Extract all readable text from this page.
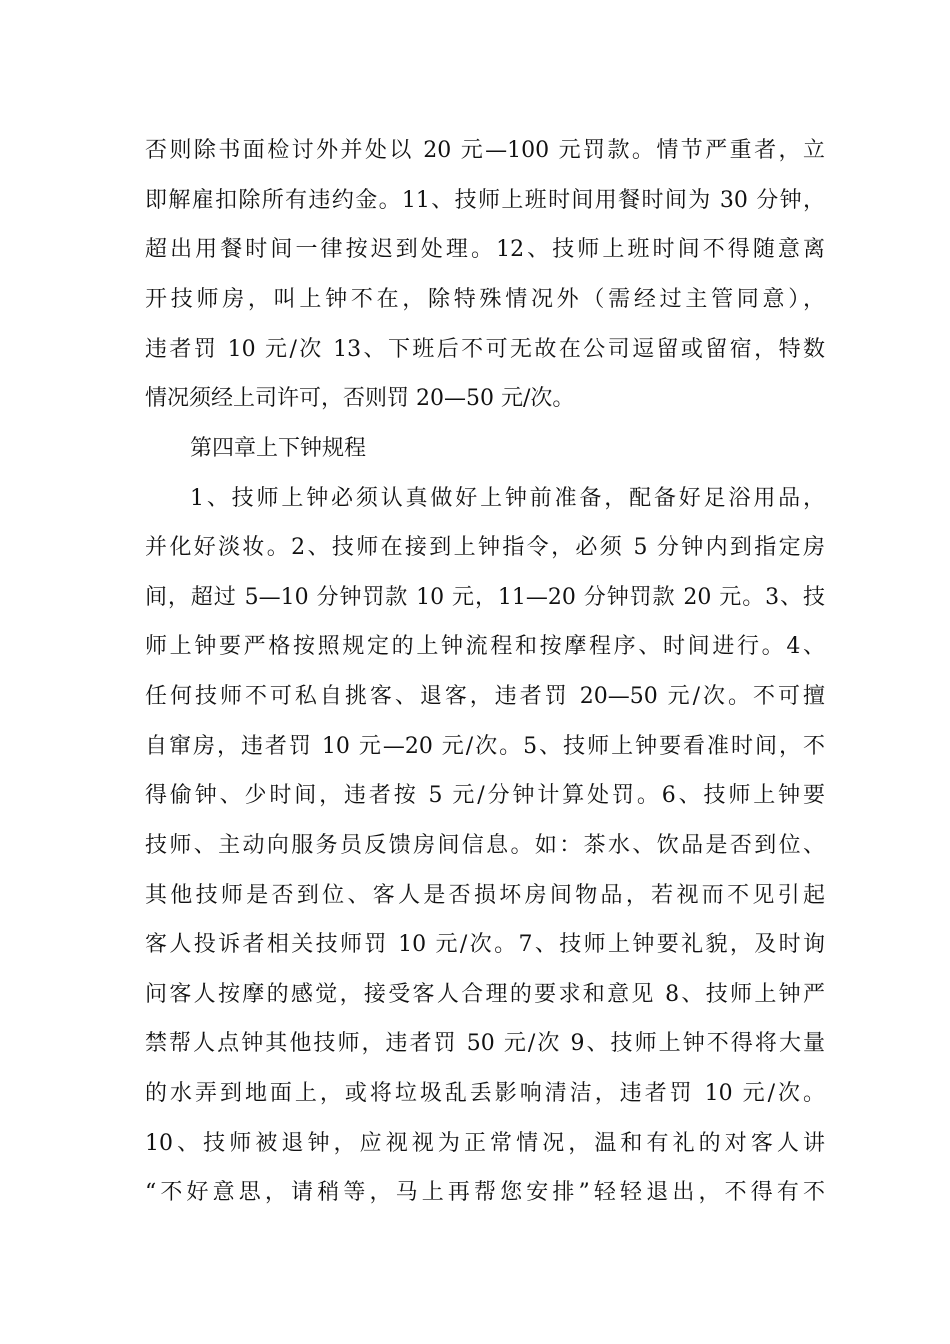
否则除书面检讨外并处以 20 元—100 元罚款。情节严重者，立
即解雇扣除所有违约金。11、技师上班时间用餐时间为 30 分钟，
超出用餐时间一律按迟到处理。12、技师上班时间不得随意离
开技师房，叫上钟不在，除特殊情况外（需经过主管同意），
违者罚 10 元/次 13、下班后不可无故在公司逗留或留宿，特数
情况须经上司许可，否则罚 20—50 元/次。
第四章上下钟规程
1、技师上钟必须认真做好上钟前准备，配备好足浴用品，
并化好淡妆。2、技师在接到上钟指令，必须 5 分钟内到指定房
间，超过 5—10 分钟罚款 10 元，11—20 分钟罚款 20 元。3、技
师上钟要严格按照规定的上钟流程和按摩程序、时间进行。4、
任何技师不可私自挑客、退客，违者罚 20—50 元/次。不可擅
自窜房，违者罚 10 元—20 元/次。5、技师上钟要看准时间，不
得偷钟、少时间，违者按 5 元/分钟计算处罚。6、技师上钟要
技师、主动向服务员反馈房间信息。如：茶水、饮品是否到位、
其他技师是否到位、客人是否损坏房间物品，若视而不见引起
客人投诉者相关技师罚 10 元/次。7、技师上钟要礼貌，及时询
问客人按摩的感觉，接受客人合理的要求和意见 8、技师上钟严
禁帮人点钟其他技师，违者罚 50 元/次 9、技师上钟不得将大量
的水弄到地面上，或将垃圾乱丢影响清洁，违者罚 10 元/次。
10、技师被退钟，应视视为正常情况，温和有礼的对客人讲
“不好意思，请稍等，马上再帮您安排”轻轻退出，不得有不
